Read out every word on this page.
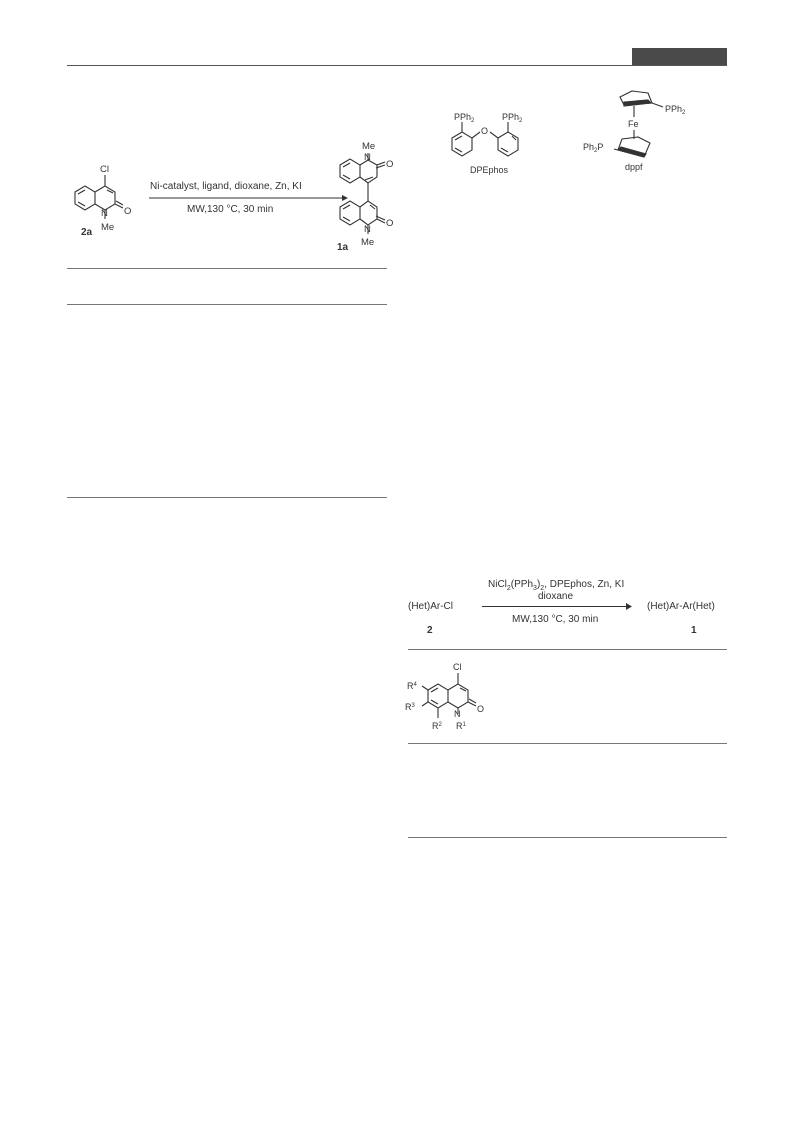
Cl
O
N
Me
Me
N
O
O
N
Me
2a
1a
Ni-catalyst, ligand, dioxane, Zn, KI
MW,130 °C, 30 min
PPh$_2$	PPh$_2$
O
DPEphos
PPh$_2$
Fe
$Ph_2P$
dppf
$NiCl_2(PPh_3)_2$, DPEphos, Zn, KI
dioxane
MW,130 °C, 30 min
(Het)Ar-Cl
2
(Het)Ar-Ar(Het)
1
Cl
O
N
$R^4$
$R^3$
$R^2$ $R^1$
